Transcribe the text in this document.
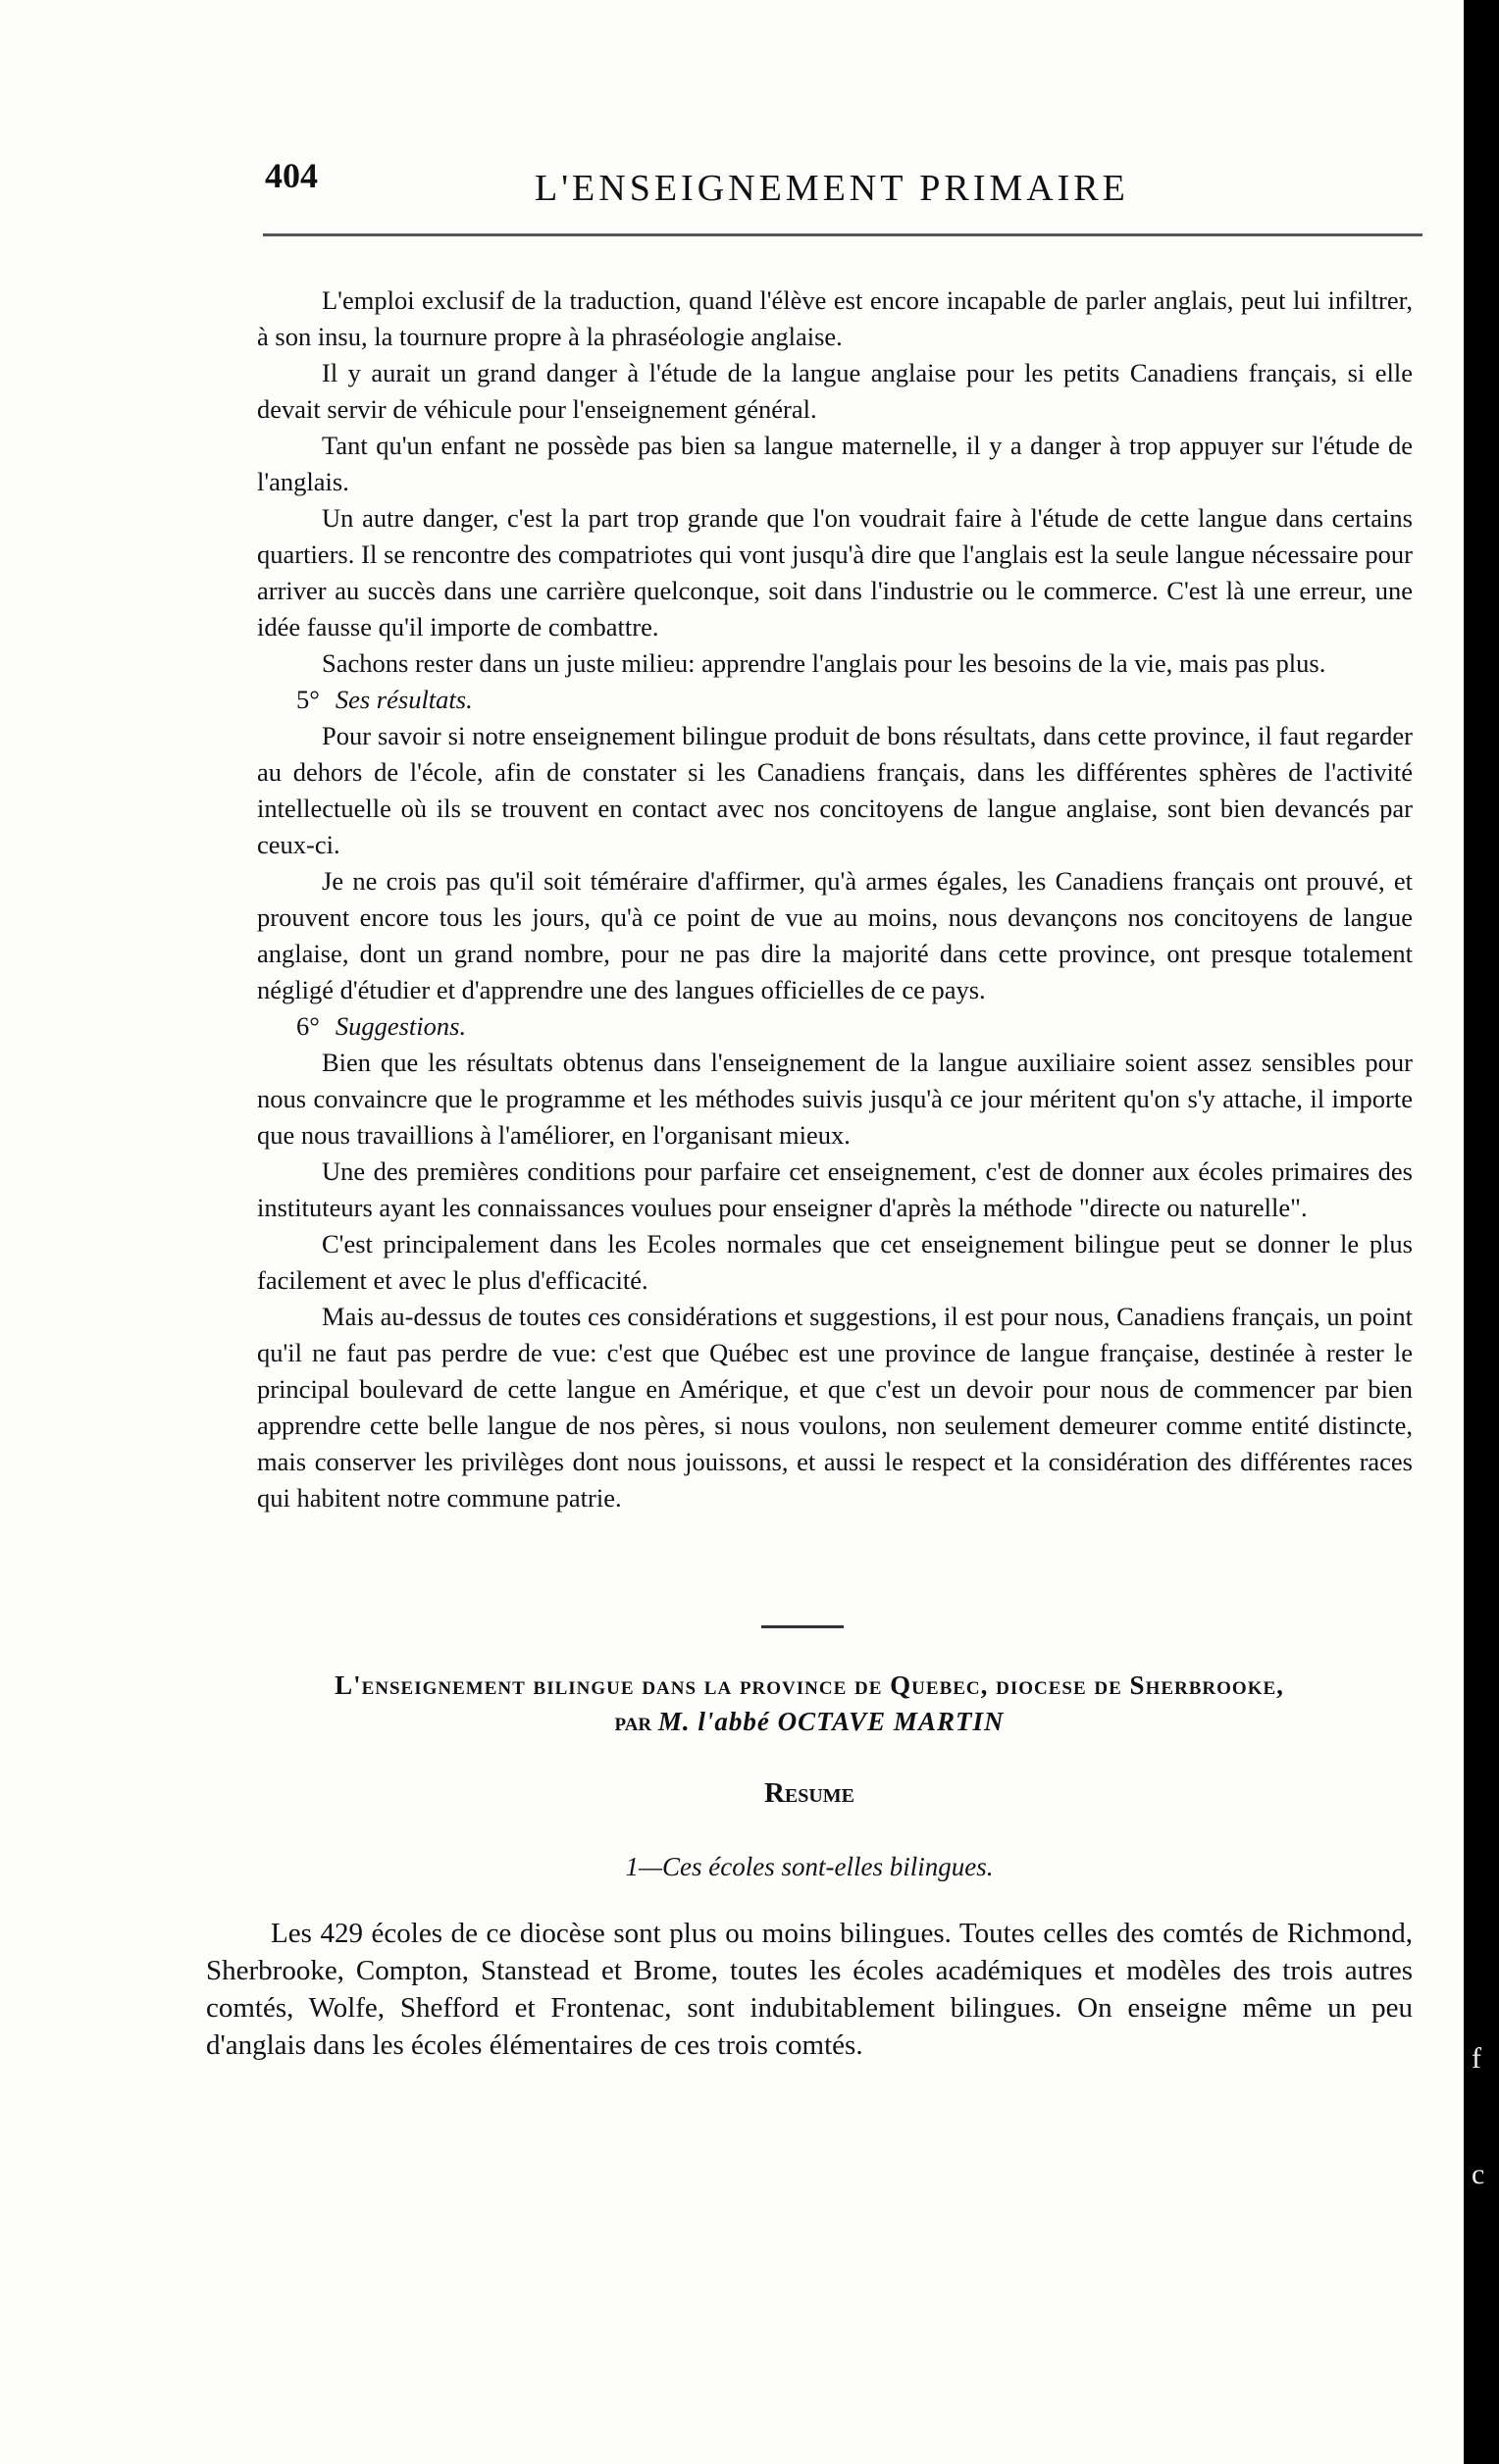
404	L'ENSEIGNEMENT PRIMAIRE

L'emploi exclusif de la traduction, quand l'élève est encore incapable de parler anglais, peut lui infiltrer, à son insu, la tournure propre à la phraséologie anglaise.

Il y aurait un grand danger à l'étude de la langue anglaise pour les petits Canadiens français, si elle devait servir de véhicule pour l'enseignement général.

Tant qu'un enfant ne possède pas bien sa langue maternelle, il y a danger à trop appuyer sur l'étude de l'anglais.

Un autre danger, c'est la part trop grande que l'on voudrait faire à l'étude de cette langue dans certains quartiers. Il se rencontre des compatriotes qui vont jusqu'à dire que l'anglais est la seule langue nécessaire pour arriver au succès dans une carrière quelconque, soit dans l'industrie ou le commerce. C'est là une erreur, une idée fausse qu'il importe de combattre.

Sachons rester dans un juste milieu: apprendre l'anglais pour les besoins de la vie, mais pas plus.

5° Ses résultats.

Pour savoir si notre enseignement bilingue produit de bons résultats, dans cette province, il faut regarder au dehors de l'école, afin de constater si les Canadiens français, dans les différentes sphères de l'activité intellectuelle où ils se trouvent en contact avec nos concitoyens de langue anglaise, sont bien devancés par ceux-ci.

Je ne crois pas qu'il soit téméraire d'affirmer, qu'à armes égales, les Canadiens français ont prouvé, et prouvent encore tous les jours, qu'à ce point de vue au moins, nous devançons nos concitoyens de langue anglaise, dont un grand nombre, pour ne pas dire la majorité dans cette province, ont presque totalement négligé d'étudier et d'apprendre une des langues officielles de ce pays.

6° Suggestions.

Bien que les résultats obtenus dans l'enseignement de la langue auxiliaire soient assez sensibles pour nous convaincre que le programme et les méthodes suivis jusqu'à ce jour méritent qu'on s'y attache, il importe que nous travaillions à l'améliorer, en l'organisant mieux.

Une des premières conditions pour parfaire cet enseignement, c'est de donner aux écoles primaires des instituteurs ayant les connaissances voulues pour enseigner d'après la méthode "directe ou naturelle".

C'est principalement dans les Ecoles normales que cet enseignement bilingue peut se donner le plus facilement et avec le plus d'efficacité.

Mais au-dessus de toutes ces considérations et suggestions, il est pour nous, Canadiens français, un point qu'il ne faut pas perdre de vue: c'est que Québec est une province de langue française, destinée à rester le principal boulevard de cette langue en Amérique, et que c'est un devoir pour nous de commencer par bien apprendre cette belle langue de nos pères, si nous voulons, non seulement demeurer comme entité distincte, mais conserver les privilèges dont nous jouissons, et aussi le respect et la considération des différentes races qui habitent notre commune patrie.

L'enseignement bilingue dans la province de Quebec, diocese de Sherbrooke,

par M. l'abbé OCTAVE MARTIN

Resume

1—Ces écoles sont-elles bilingues.

Les 429 écoles de ce diocèse sont plus ou moins bilingues. Toutes celles des comtés de Richmond, Sherbrooke, Compton, Stanstead et Brome, toutes les écoles académiques et modèles des trois autres comtés, Wolfe, Shefford et Frontenac, sont indubitablement bilingues. On enseigne même un peu d'anglais dans les écoles élémentaires de ces trois comtés.

c
f
